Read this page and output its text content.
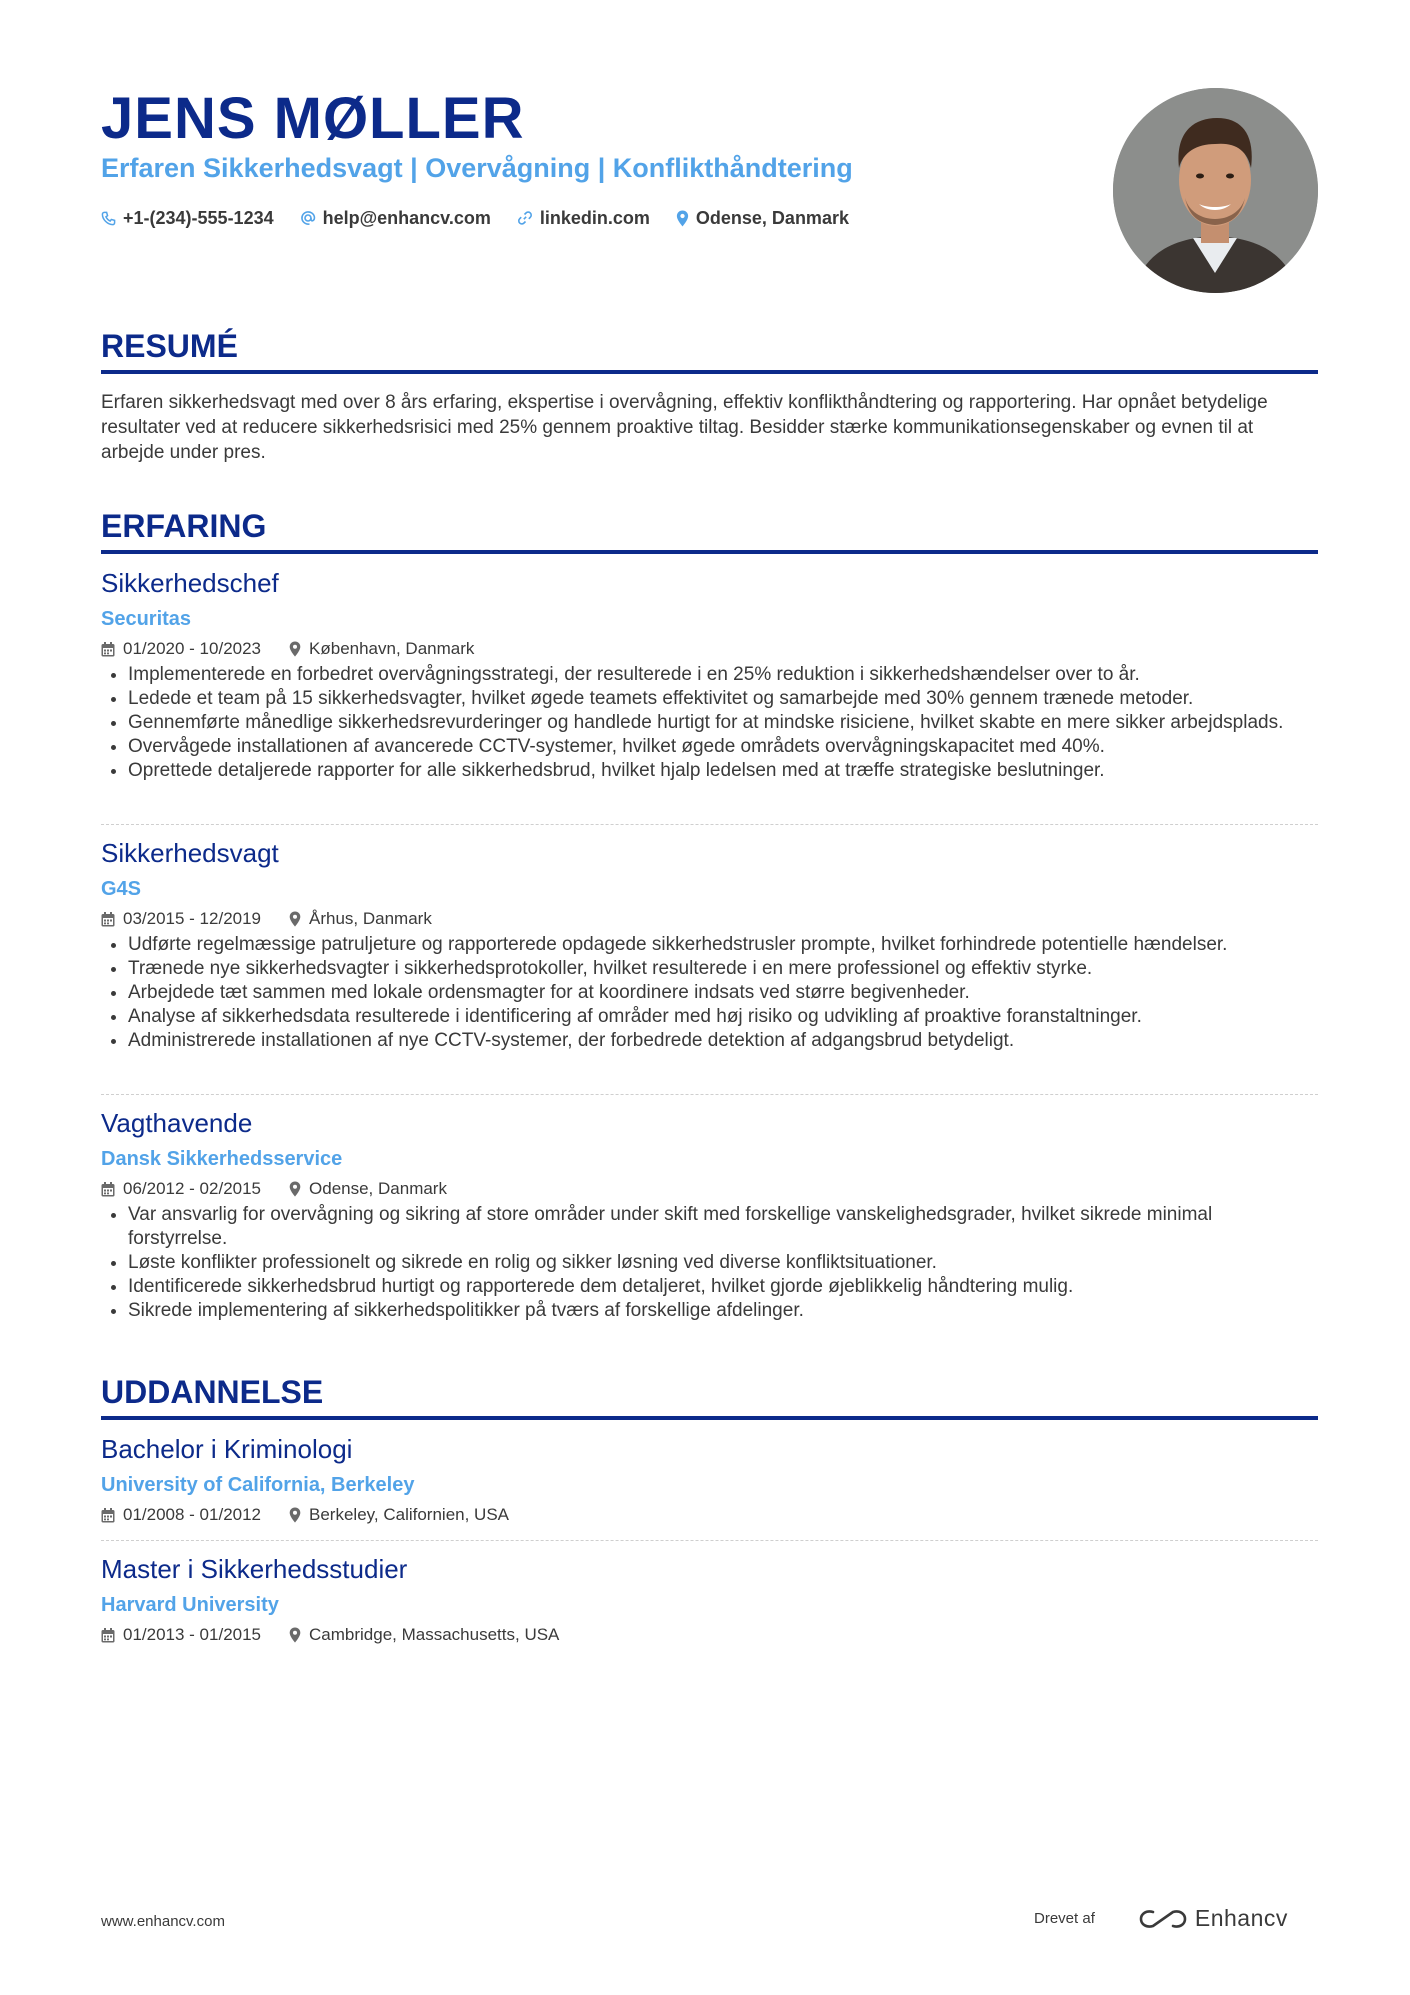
JENS MØLLER
Erfaren Sikkerhedsvagt | Overvågning | Konflikthåndtering
+1-(234)-555-1234	help@enhancv.com	linkedin.com	Odense, Danmark
RESUMÉ
Erfaren sikkerhedsvagt med over 8 års erfaring, ekspertise i overvågning, effektiv konflikthåndtering og rapportering. Har opnået betydelige resultater ved at reducere sikkerhedsrisici med 25% gennem proaktive tiltag. Besidder stærke kommunikationsegenskaber og evnen til at arbejde under pres.
ERFARING
Sikkerhedschef
Securitas
01/2020 - 10/2023	København, Danmark
Implementerede en forbedret overvågningsstrategi, der resulterede i en 25% reduktion i sikkerhedshændelser over to år.
Ledede et team på 15 sikkerhedsvagter, hvilket øgede teamets effektivitet og samarbejde med 30% gennem trænede metoder.
Gennemførte månedlige sikkerhedsrevurderinger og handlede hurtigt for at mindske risiciene, hvilket skabte en mere sikker arbejdsplads.
Overvågede installationen af avancerede CCTV-systemer, hvilket øgede områdets overvågningskapacitet med 40%.
Oprettede detaljerede rapporter for alle sikkerhedsbrud, hvilket hjalp ledelsen med at træffe strategiske beslutninger.
Sikkerhedsvagt
G4S
03/2015 - 12/2019	Århus, Danmark
Udførte regelmæssige patruljeture og rapporterede opdagede sikkerhedstrusler prompte, hvilket forhindrede potentielle hændelser.
Trænede nye sikkerhedsvagter i sikkerhedsprotokoller, hvilket resulterede i en mere professionel og effektiv styrke.
Arbejdede tæt sammen med lokale ordensmagter for at koordinere indsats ved større begivenheder.
Analyse af sikkerhedsdata resulterede i identificering af områder med høj risiko og udvikling af proaktive foranstaltninger.
Administrerede installationen af nye CCTV-systemer, der forbedrede detektion af adgangsbrud betydeligt.
Vagthavende
Dansk Sikkerhedsservice
06/2012 - 02/2015	Odense, Danmark
Var ansvarlig for overvågning og sikring af store områder under skift med forskellige vanskelighedsgrader, hvilket sikrede minimal forstyrrelse.
Løste konflikter professionelt og sikrede en rolig og sikker løsning ved diverse konfliktsituationer.
Identificerede sikkerhedsbrud hurtigt og rapporterede dem detaljeret, hvilket gjorde øjeblikkelig håndtering mulig.
Sikrede implementering af sikkerhedspolitikker på tværs af forskellige afdelinger.
UDDANNELSE
Bachelor i Kriminologi
University of California, Berkeley
01/2008 - 01/2012	Berkeley, Californien, USA
Master i Sikkerhedsstudier
Harvard University
01/2013 - 01/2015	Cambridge, Massachusetts, USA
www.enhancv.com	Drevet af	Enhancv
